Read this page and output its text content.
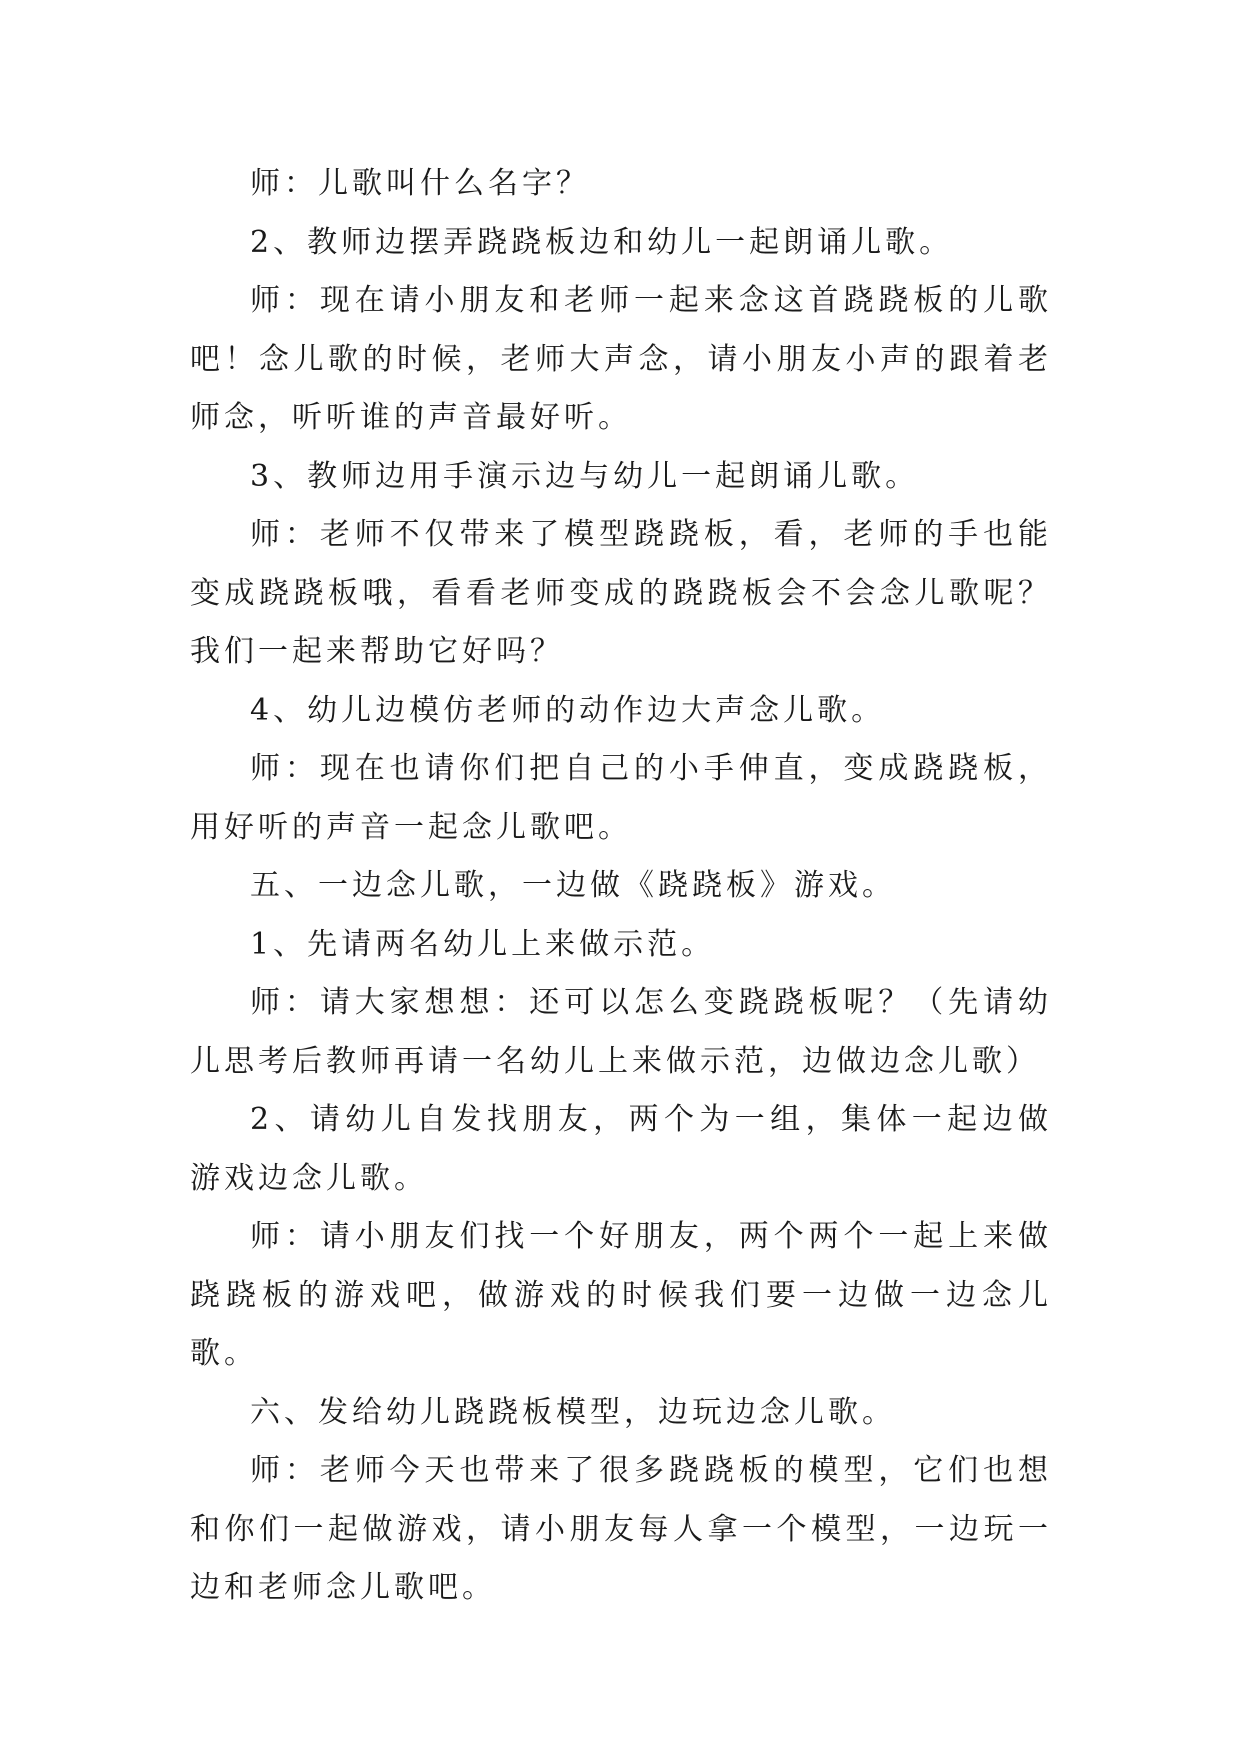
师：儿歌叫什么名字？

2、教师边摆弄跷跷板边和幼儿一起朗诵儿歌。

师：现在请小朋友和老师一起来念这首跷跷板的儿歌吧！念儿歌的时候，老师大声念，请小朋友小声的跟着老师念，听听谁的声音最好听。

3、教师边用手演示边与幼儿一起朗诵儿歌。

师：老师不仅带来了模型跷跷板，看，老师的手也能变成跷跷板哦，看看老师变成的跷跷板会不会念儿歌呢？我们一起来帮助它好吗？

4、幼儿边模仿老师的动作边大声念儿歌。

师：现在也请你们把自己的小手伸直，变成跷跷板，用好听的声音一起念儿歌吧。

五、一边念儿歌，一边做《跷跷板》游戏。

1、先请两名幼儿上来做示范。

师：请大家想想：还可以怎么变跷跷板呢？（先请幼儿思考后教师再请一名幼儿上来做示范，边做边念儿歌）

2、请幼儿自发找朋友，两个为一组，集体一起边做游戏边念儿歌。

师：请小朋友们找一个好朋友，两个两个一起上来做跷跷板的游戏吧，做游戏的时候我们要一边做一边念儿歌。

六、发给幼儿跷跷板模型，边玩边念儿歌。

师：老师今天也带来了很多跷跷板的模型，它们也想和你们一起做游戏，请小朋友每人拿一个模型，一边玩一边和老师念儿歌吧。
